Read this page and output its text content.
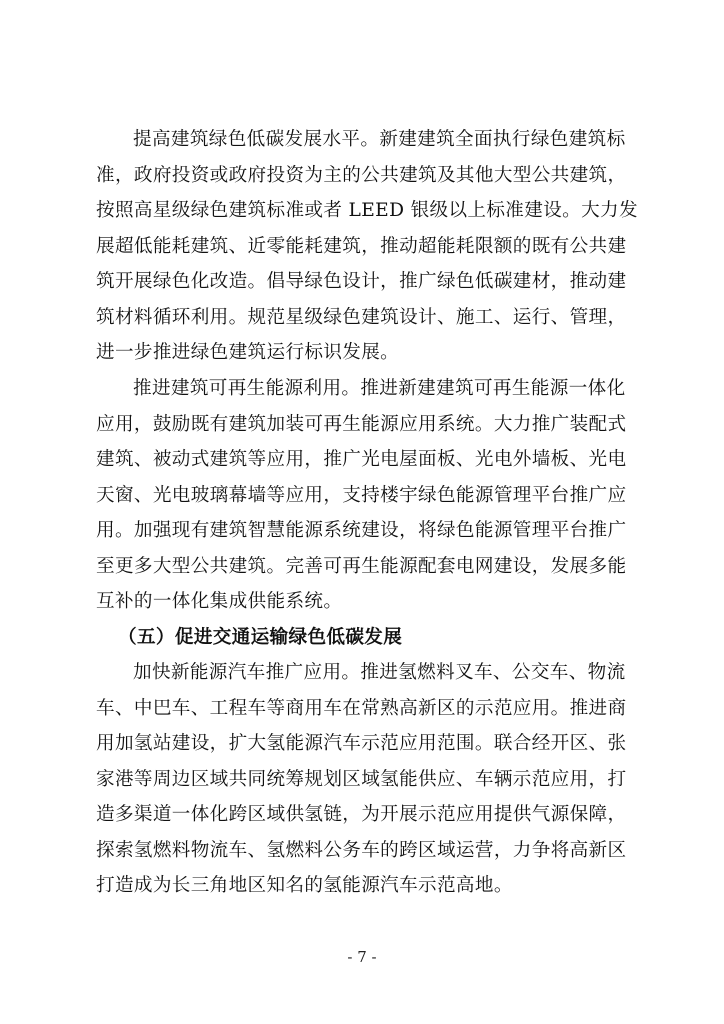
提高建筑绿色低碳发展水平。新建建筑全面执行绿色建筑标
准，政府投资或政府投资为主的公共建筑及其他大型公共建筑，
按照高星级绿色建筑标准或者 LEED 银级以上标准建设。大力发
展超低能耗建筑、近零能耗建筑，推动超能耗限额的既有公共建
筑开展绿色化改造。倡导绿色设计，推广绿色低碳建材，推动建
筑材料循环利用。规范星级绿色建筑设计、施工、运行、管理，
进一步推进绿色建筑运行标识发展。
推进建筑可再生能源利用。推进新建建筑可再生能源一体化
应用，鼓励既有建筑加装可再生能源应用系统。大力推广装配式
建筑、被动式建筑等应用，推广光电屋面板、光电外墙板、光电
天窗、光电玻璃幕墙等应用，支持楼宇绿色能源管理平台推广应
用。加强现有建筑智慧能源系统建设，将绿色能源管理平台推广
至更多大型公共建筑。完善可再生能源配套电网建设，发展多能
互补的一体化集成供能系统。
（五）促进交通运输绿色低碳发展
加快新能源汽车推广应用。推进氢燃料叉车、公交车、物流
车、中巴车、工程车等商用车在常熟高新区的示范应用。推进商
用加氢站建设，扩大氢能源汽车示范应用范围。联合经开区、张
家港等周边区域共同统筹规划区域氢能供应、车辆示范应用，打
造多渠道一体化跨区域供氢链，为开展示范应用提供气源保障，
探索氢燃料物流车、氢燃料公务车的跨区域运营，力争将高新区
打造成为长三角地区知名的氢能源汽车示范高地。
- 7 -
